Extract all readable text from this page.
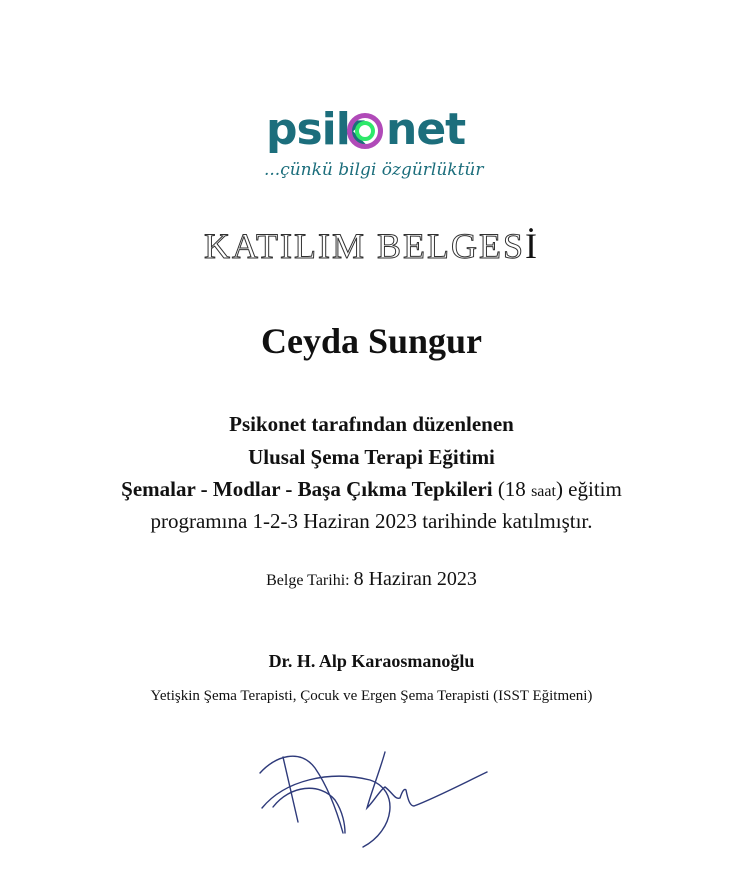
psik net
...çünkü bilgi özgürlüktür
KATILIM BELGESİ
Ceyda Sungur
Psikonet tarafından düzenlenen
Ulusal Şema Terapi Eğitimi
Şemalar - Modlar - Başa Çıkma Tepkileri (18 saat) eğitim
programına 1-2-3 Haziran 2023 tarihinde katılmıştır.
Belge Tarihi: 8 Haziran 2023
Dr. H. Alp Karaosmanoğlu
Yetişkin Şema Terapisti, Çocuk ve Ergen Şema Terapisti (ISST Eğitmeni)
